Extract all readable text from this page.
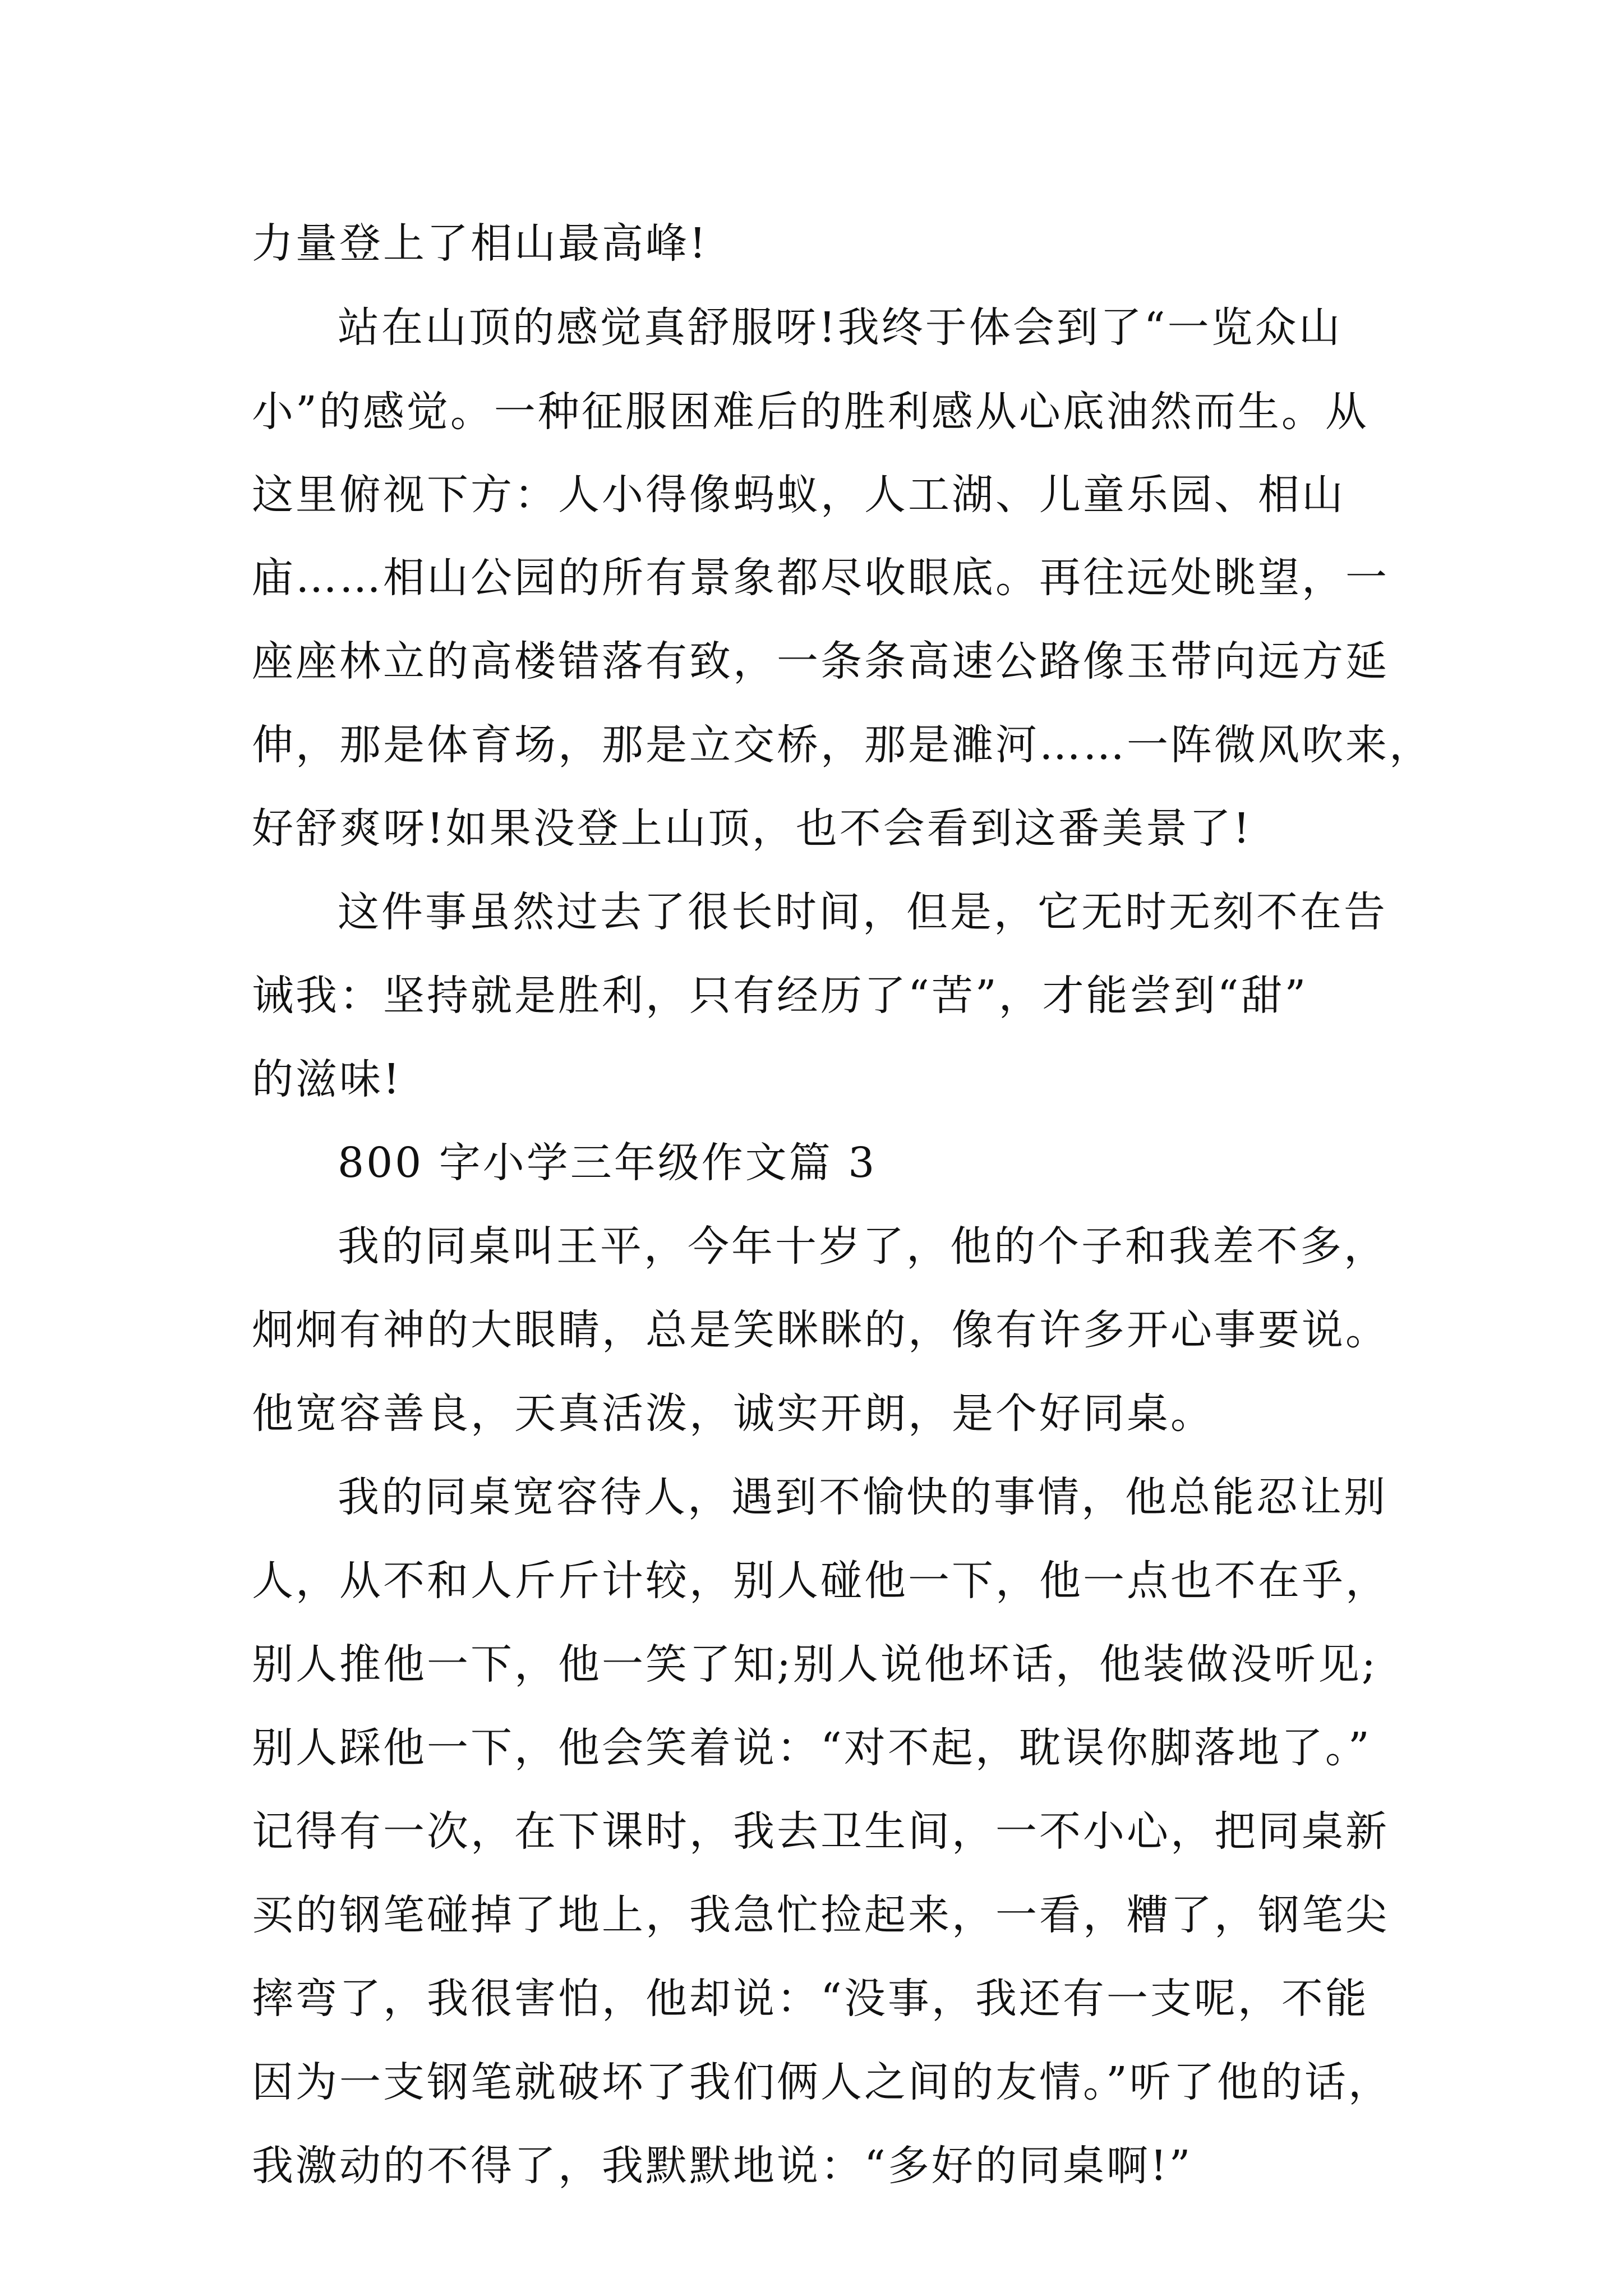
力量登上了相山最高峰!
站在山顶的感觉真舒服呀!我终于体会到了“一览众山
小”的感觉。一种征服困难后的胜利感从心底油然而生。从
这里俯视下方：人小得像蚂蚁，人工湖、儿童乐园、相山
庙……相山公园的所有景象都尽收眼底。再往远处眺望，一
座座林立的高楼错落有致，一条条高速公路像玉带向远方延
伸，那是体育场，那是立交桥，那是濉河……一阵微风吹来，
好舒爽呀!如果没登上山顶，也不会看到这番美景了!
这件事虽然过去了很长时间，但是，它无时无刻不在告
诫我：坚持就是胜利，只有经历了“苦”，才能尝到“甜”
的滋味!
800 字小学三年级作文篇 3
我的同桌叫王平，今年十岁了，他的个子和我差不多，
炯炯有神的大眼睛，总是笑眯眯的，像有许多开心事要说。
他宽容善良，天真活泼，诚实开朗，是个好同桌。
我的同桌宽容待人，遇到不愉快的事情，他总能忍让别
人，从不和人斤斤计较，别人碰他一下，他一点也不在乎，
别人推他一下，他一笑了知;别人说他坏话，他装做没听见;
别人踩他一下，他会笑着说：“对不起，耽误你脚落地了。”
记得有一次，在下课时，我去卫生间，一不小心，把同桌新
买的钢笔碰掉了地上，我急忙捡起来，一看，糟了，钢笔尖
摔弯了，我很害怕，他却说：“没事，我还有一支呢，不能
因为一支钢笔就破坏了我们俩人之间的友情。”听了他的话，
我激动的不得了，我默默地说：“多好的同桌啊!”
